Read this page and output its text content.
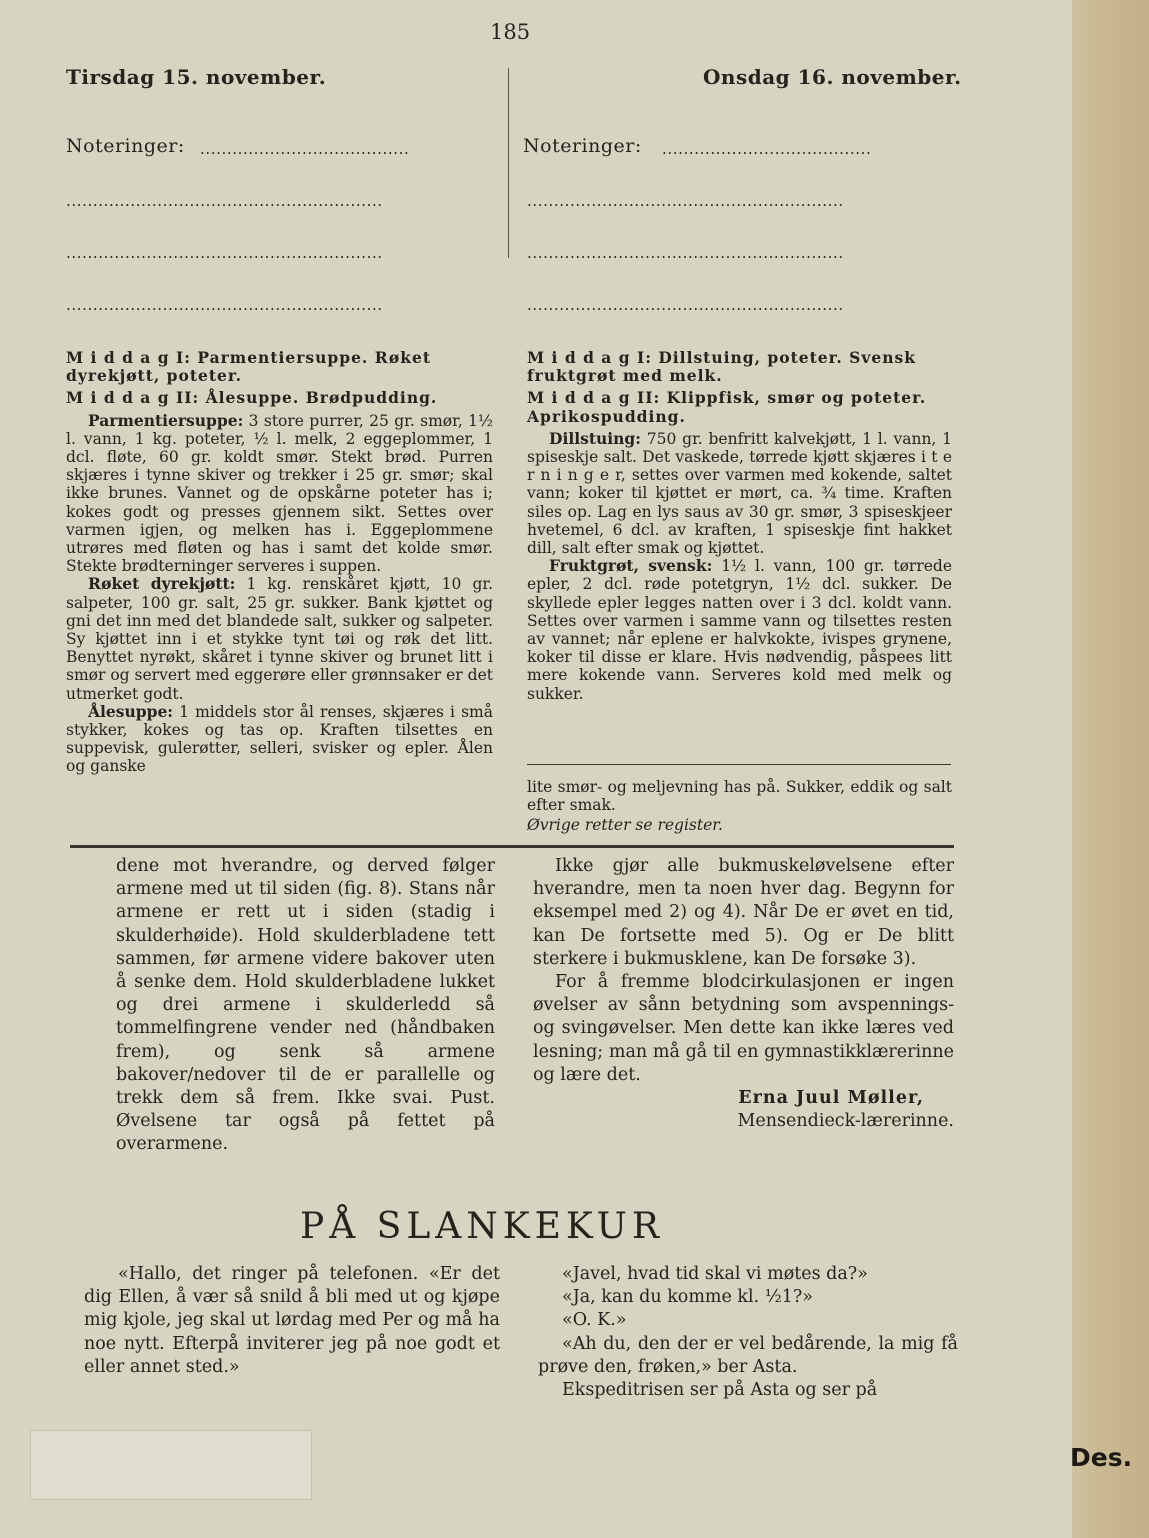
Des.
185
Tirsdag 15. november.	Onsdag 16. november.
Noteringer: .......................................
...........................................................
...........................................................
...........................................................
Noteringer: .......................................
...........................................................
...........................................................
...........................................................

M i d d a g I: Parmentiersuppe. Røket dyrekjøtt, poteter.

M i d d a g II: Ålesuppe. Brødpudding.

Parmentiersuppe: 3 store purrer, 25 gr. smør, 1½ l. vann, 1 kg. poteter, ½ l. melk, 2 eggeplommer, 1 dcl. fløte, 60 gr. koldt smør. Stekt brød. Purren skjæres i tynne skiver og trekker i 25 gr. smør; skal ikke brunes. Vannet og de opskårne poteter has i; kokes godt og presses gjennem sikt. Settes over varmen igjen, og melken has i. Eggeplommene utrøres med fløten og has i samt det kolde smør. Stekte brødterninger serveres i suppen.

Røket dyrekjøtt: 1 kg. renskåret kjøtt, 10 gr. salpeter, 100 gr. salt, 25 gr. sukker. Bank kjøttet og gni det inn med det blandede salt, sukker og salpeter. Sy kjøttet inn i et stykke tynt tøi og røk det litt. Benyttet nyrøkt, skåret i tynne skiver og brunet litt i smør og servert med eggerøre eller grønnsaker er det utmerket godt.

Ålesuppe: 1 middels stor ål renses, skjæres i små stykker, kokes og tas op. Kraften tilsettes en suppevisk, gulerøtter, selleri, svisker og epler. Ålen og ganske

M i d d a g I: Dillstuing, poteter. Svensk fruktgrøt med melk.

M i d d a g II: Klippfisk, smør og poteter. Aprikospudding.

Dillstuing: 750 gr. benfritt kalvekjøtt, 1 l. vann, 1 spiseskje salt. Det vaskede, tørrede kjøtt skjæres i t e r n i n g e r, settes over varmen med kokende, saltet vann; koker til kjøttet er mørt, ca. ¾ time. Kraften siles op. Lag en lys saus av 30 gr. smør, 3 spiseskjeer hvetemel, 6 dcl. av kraften, 1 spiseskje fint hakket dill, salt efter smak og kjøttet.

Fruktgrøt, svensk: 1½ l. vann, 100 gr. tørrede epler, 2 dcl. røde potetgryn, 1½ dcl. sukker. De skyllede epler legges natten over i 3 dcl. koldt vann. Settes over varmen i samme vann og tilsettes resten av vannet; når eplene er halvkokte, ivispes grynene, koker til disse er klare. Hvis nødvendig, påspees litt mere kokende vann. Serveres kold med melk og sukker.

lite smør- og meljevning has på. Sukker, eddik og salt efter smak.

Øvrige retter se register.

dene mot hverandre, og derved følger armene med ut til siden (fig. 8). Stans når armene er rett ut i siden (stadig i skulderhøide). Hold skulderbladene tett sammen, før armene videre bakover uten å senke dem. Hold skulderbladene lukket og drei armene i skulderledd så tommelfingrene vender ned (håndbaken frem), og senk så armene bakover/nedover til de er parallelle og trekk dem så frem. Ikke svai. Pust. Øvelsene tar også på fettet på overarmene.

Ikke gjør alle bukmuskeløvelsene efter hverandre, men ta noen hver dag. Begynn for eksempel med 2) og 4). Når De er øvet en tid, kan De fortsette med 5). Og er De blitt sterkere i bukmusklene, kan De forsøke 3).

For å fremme blodcirkulasjonen er ingen øvelser av sånn betydning som avspennings- og svingøvelser. Men dette kan ikke læres ved lesning; man må gå til en gymnastikklærerinne og lære det.

Erna Juul Møller,

Mensendieck-lærerinne.

PÅ SLANKEKUR

«Hallo, det ringer på telefonen. «Er det dig Ellen, å vær så snild å bli med ut og kjøpe mig kjole, jeg skal ut lørdag med Per og må ha noe nytt. Efterpå inviterer jeg på noe godt et eller annet sted.»

«Javel, hvad tid skal vi møtes da?»

«Ja, kan du komme kl. ½1?»

«O. K.»

«Ah du, den der er vel bedårende, la mig få prøve den, frøken,» ber Asta.

Ekspeditrisen ser på Asta og ser på
